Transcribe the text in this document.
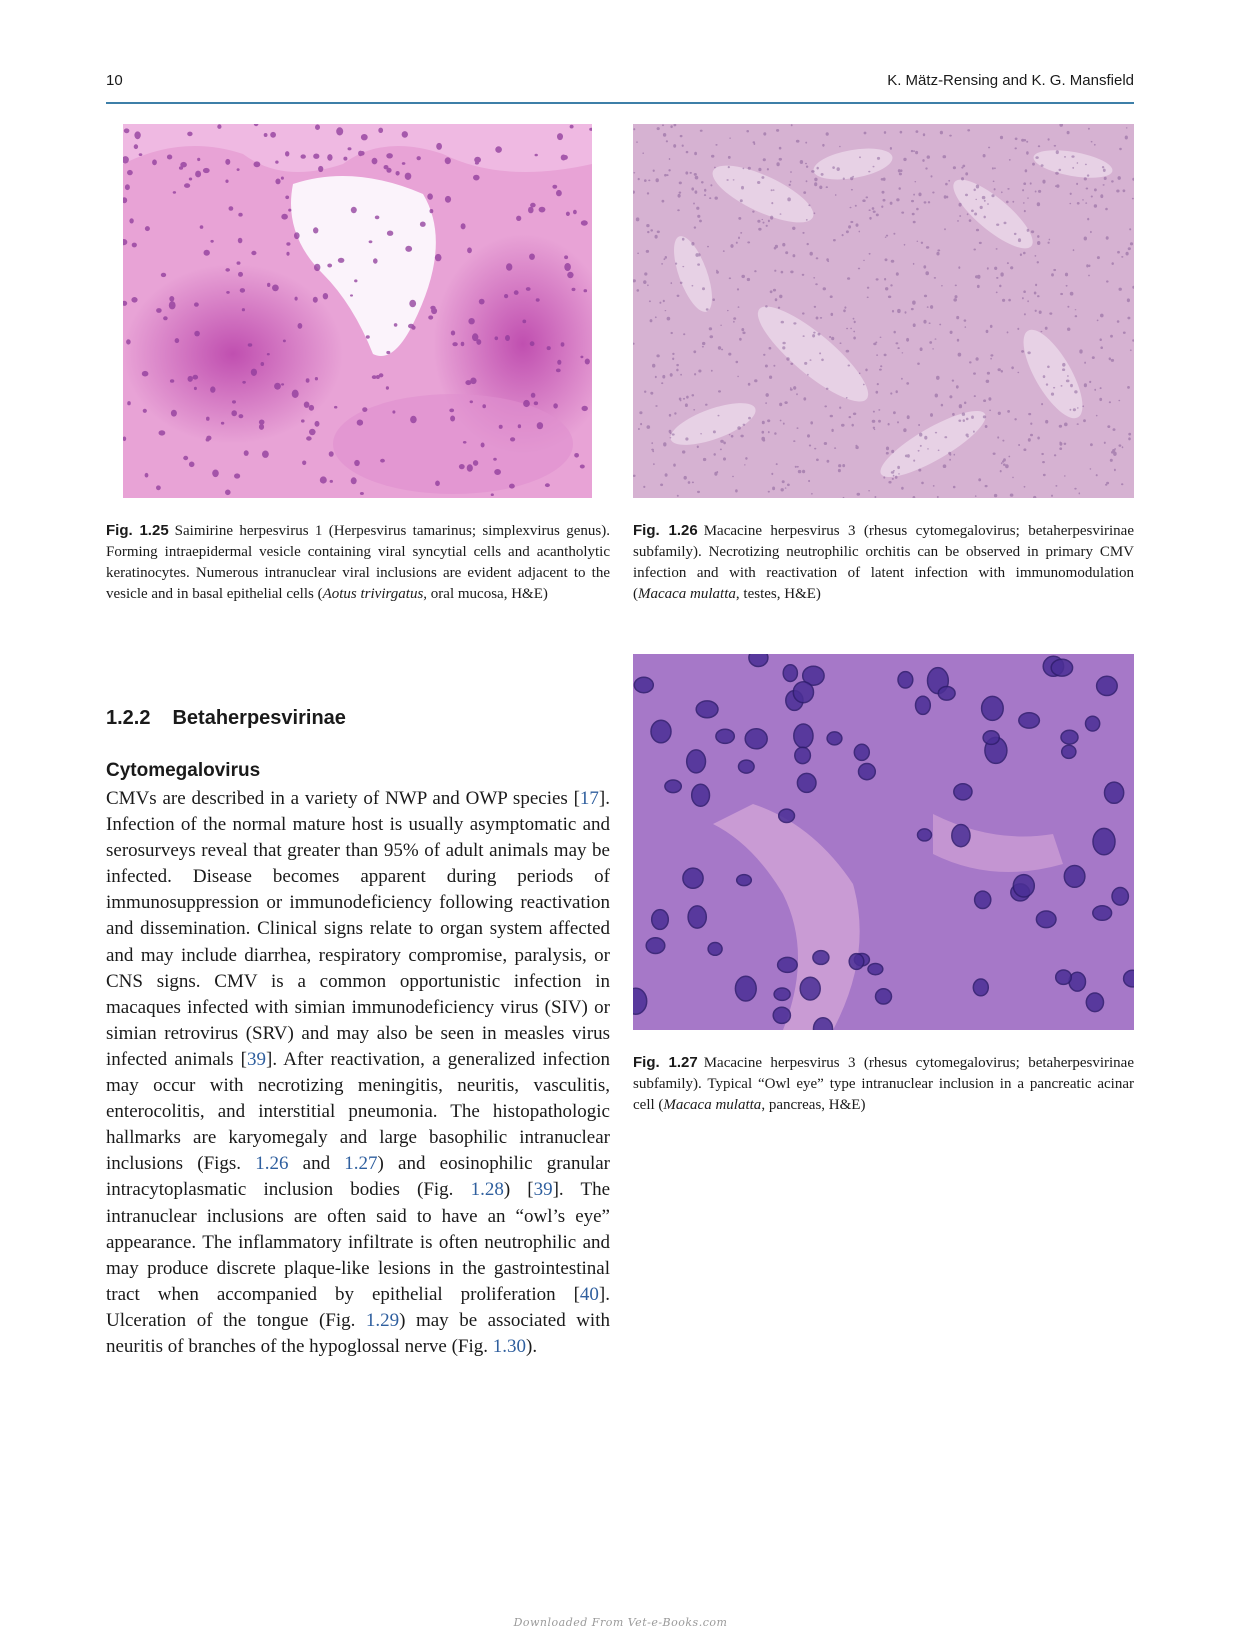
10	K. Mätz-Rensing and K. G. Mansfield
Fig. 1.25 Saimirine herpesvirus 1 (Herpesvirus tamarinus; simplexvirus genus). Forming intraepidermal vesicle containing viral syncytial cells and acantholytic keratinocytes. Numerous intranuclear viral inclusions are evident adjacent to the vesicle and in basal epithelial cells (Aotus trivirgatus, oral mucosa, H&E)
Fig. 1.26 Macacine herpesvirus 3 (rhesus cytomegalovirus; betaherpesvirinae subfamily). Necrotizing neutrophilic orchitis can be observed in primary CMV infection and with reactivation of latent infection with immunomodulation (Macaca mulatta, testes, H&E)
1.2.2 Betaherpesvirinae
Cytomegalovirus
CMVs are described in a variety of NWP and OWP species [17]. Infection of the normal mature host is usually asymptomatic and serosurveys reveal that greater than 95% of adult animals may be infected. Disease becomes apparent during periods of immunosuppression or immunodeficiency following reactivation and dissemination. Clinical signs relate to organ system affected and may include diarrhea, respiratory compromise, paralysis, or CNS signs. CMV is a common opportunistic infection in macaques infected with simian immunodeficiency virus (SIV) or simian retrovirus (SRV) and may also be seen in measles virus infected animals [39]. After reactivation, a generalized infection may occur with necrotizing meningitis, neuritis, vasculitis, enterocolitis, and interstitial pneumonia. The histopathologic hallmarks are karyomegaly and large basophilic intranuclear inclusions (Figs. 1.26 and 1.27) and eosinophilic granular intracytoplasmatic inclusion bodies (Fig. 1.28) [39]. The intranuclear inclusions are often said to have an “owl’s eye” appearance. The inflammatory infiltrate is often neutrophilic and may produce discrete plaque-like lesions in the gastrointestinal tract when accompanied by epithelial proliferation [40]. Ulceration of the tongue (Fig. 1.29) may be associated with neuritis of branches of the hypoglossal nerve (Fig. 1.30).
Fig. 1.27 Macacine herpesvirus 3 (rhesus cytomegalovirus; betaherpesvirinae subfamily). Typical “Owl eye” type intranuclear inclusion in a pancreatic acinar cell (Macaca mulatta, pancreas, H&E)
Downloaded From Vet-e-Books.com
